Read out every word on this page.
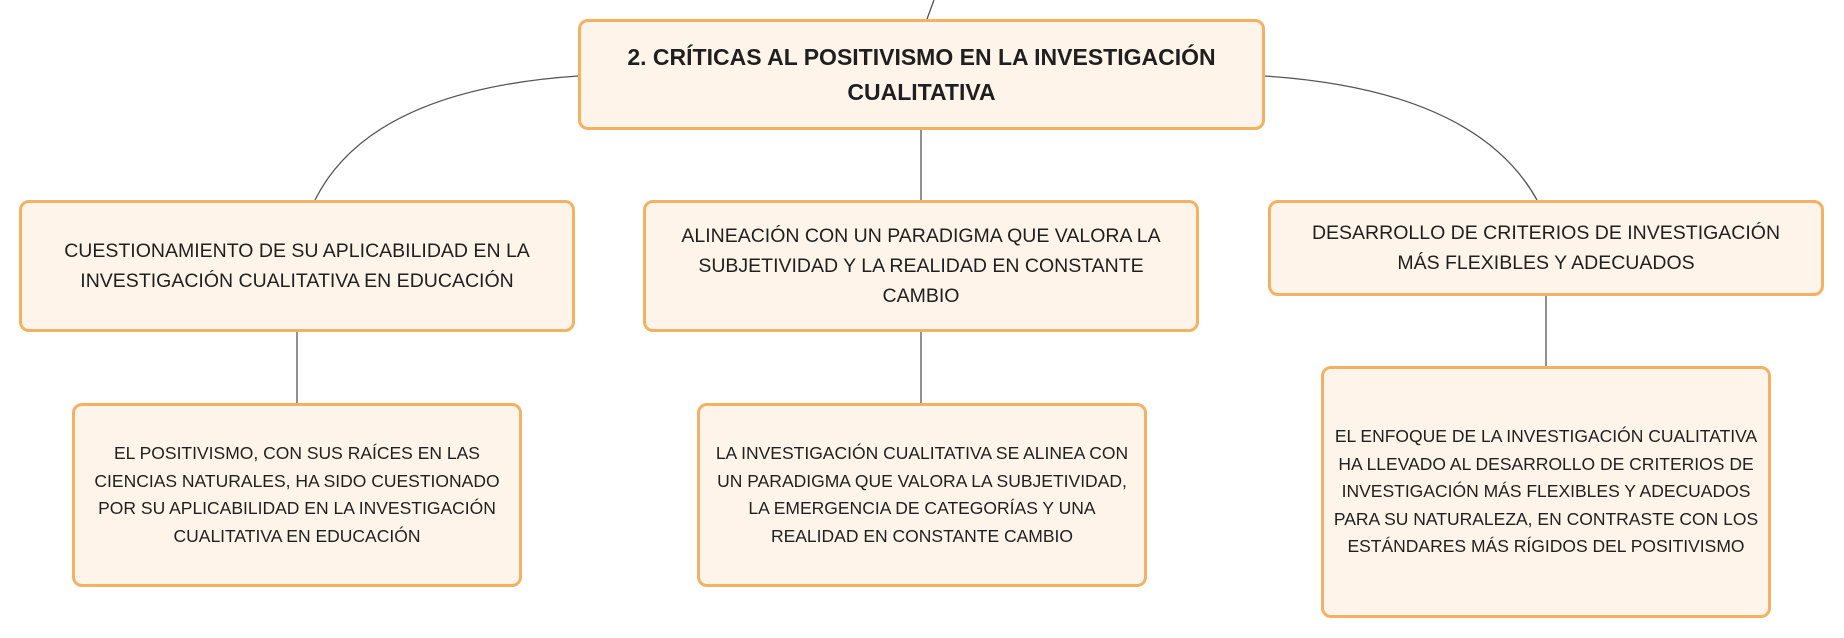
2. CRÍTICAS AL POSITIVISMO EN LA INVESTIGACIÓN CUALITATIVA
CUESTIONAMIENTO DE SU APLICABILIDAD EN LA INVESTIGACIÓN CUALITATIVA EN EDUCACIÓN
ALINEACIÓN CON UN PARADIGMA QUE VALORA LA SUBJETIVIDAD Y LA REALIDAD EN CONSTANTE CAMBIO
DESARROLLO DE CRITERIOS DE INVESTIGACIÓN MÁS FLEXIBLES Y ADECUADOS
EL POSITIVISMO, CON SUS RAÍCES EN LAS CIENCIAS NATURALES, HA SIDO CUESTIONADO POR SU APLICABILIDAD EN LA INVESTIGACIÓN CUALITATIVA EN EDUCACIÓN
LA INVESTIGACIÓN CUALITATIVA SE ALINEA CON UN PARADIGMA QUE VALORA LA SUBJETIVIDAD, LA EMERGENCIA DE CATEGORÍAS Y UNA REALIDAD EN CONSTANTE CAMBIO
EL ENFOQUE DE LA INVESTIGACIÓN CUALITATIVA HA LLEVADO AL DESARROLLO DE CRITERIOS DE INVESTIGACIÓN MÁS FLEXIBLES Y ADECUADOS PARA SU NATURALEZA, EN CONTRASTE CON LOS ESTÁNDARES MÁS RÍGIDOS DEL POSITIVISMO
